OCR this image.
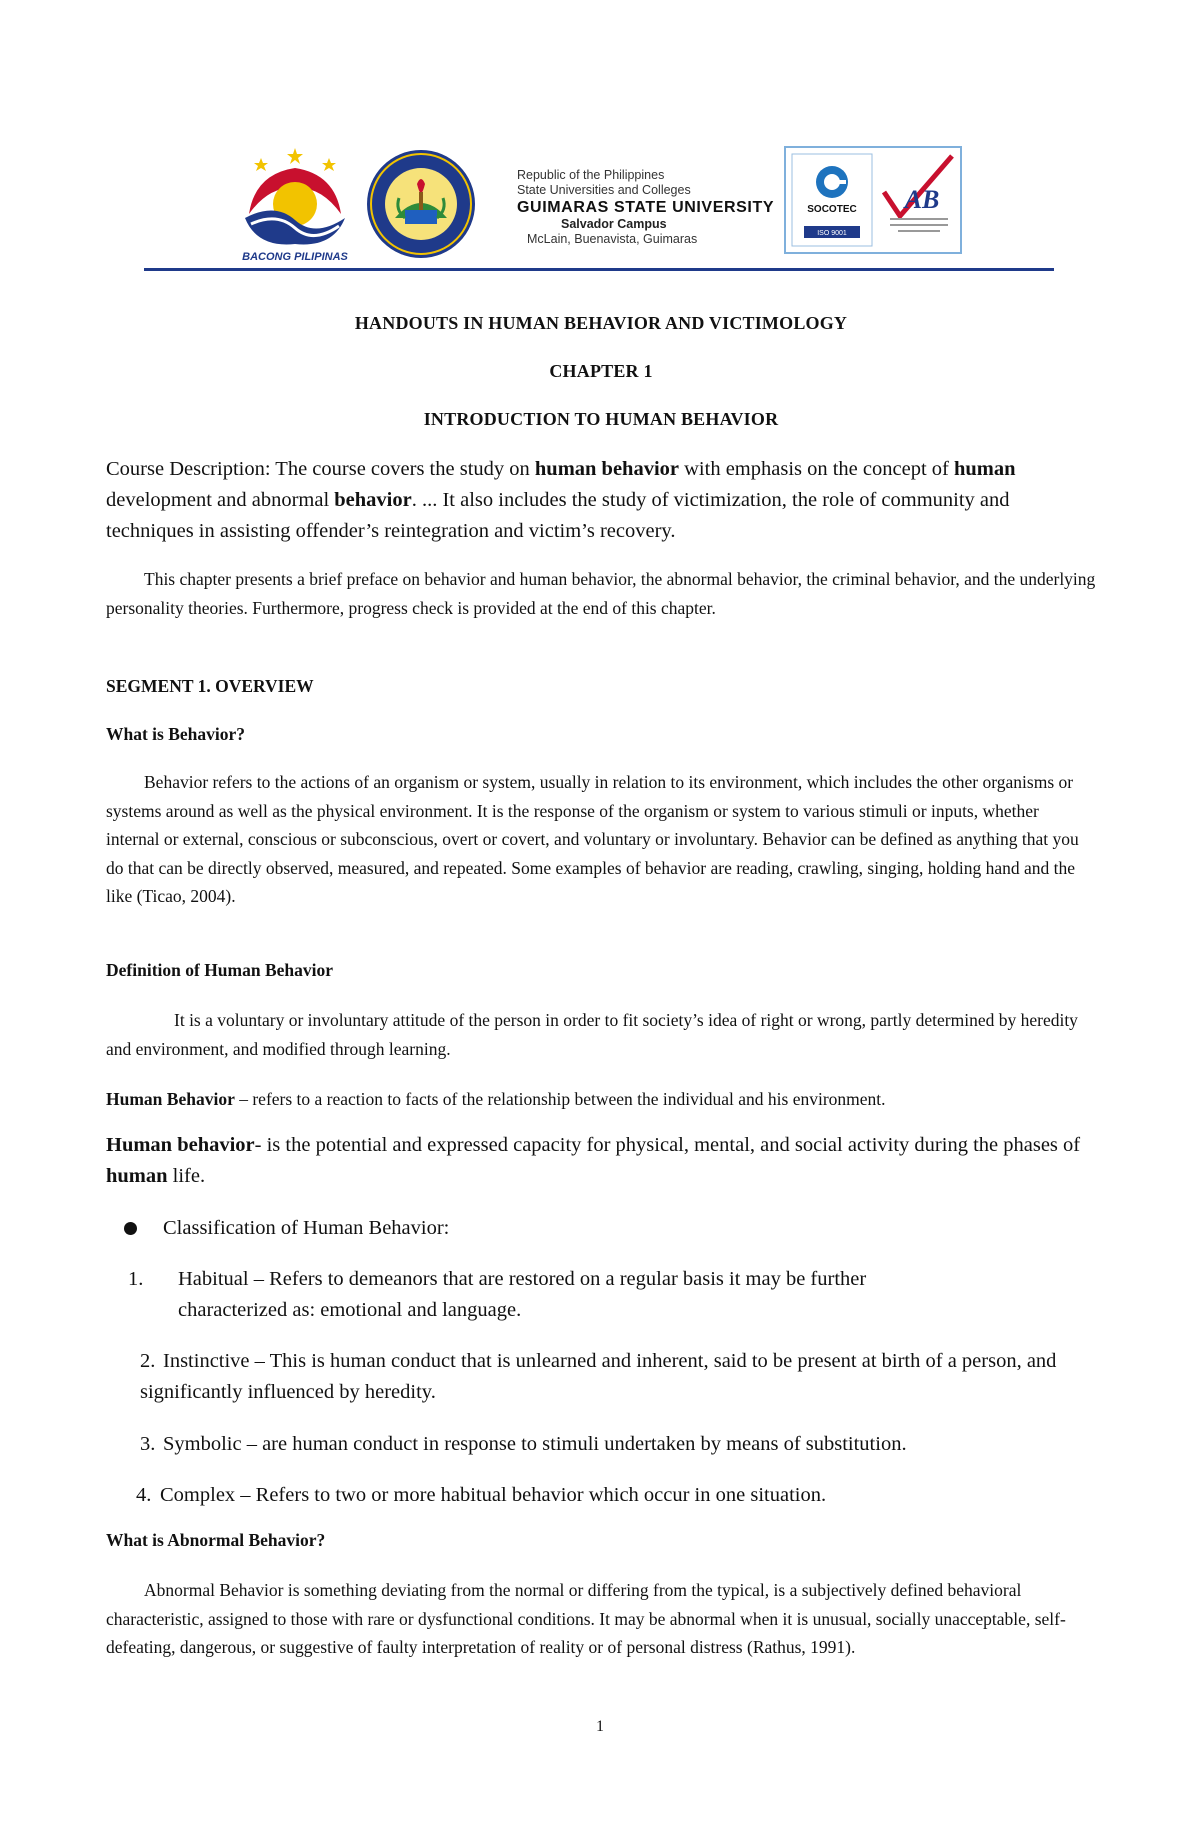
BACONG PILIPINAS
Republic of the Philippines
State Universities and Colleges
GUIMARAS STATE UNIVERSITY
Salvador Campus
McLain, Buenavista, Guimaras
SOCOTEC
ISO 9001
AB
HANDOUTS IN HUMAN BEHAVIOR AND VICTIMOLOGY
CHAPTER 1
INTRODUCTION TO HUMAN BEHAVIOR
Course Description: The course covers the study on human behavior with emphasis on the concept of human development and abnormal behavior. ... It also includes the study of victimization, the role of community and techniques in assisting offender’s reintegration and victim’s recovery.
This chapter presents a brief preface on behavior and human behavior, the abnormal behavior, the criminal behavior, and the underlying personality theories. Furthermore, progress check is provided at the end of this chapter.
SEGMENT 1. OVERVIEW
What is Behavior?
Behavior refers to the actions of an organism or system, usually in relation to its environment, which includes the other organisms or systems around as well as the physical environment. It is the response of the organism or system to various stimuli or inputs, whether internal or external, conscious or subconscious, overt or covert, and voluntary or involuntary. Behavior can be defined as anything that you do that can be directly observed, measured, and repeated. Some examples of behavior are reading, crawling, singing, holding hand and the like (Ticao, 2004).
Definition of Human Behavior
It is a voluntary or involuntary attitude of the person in order to fit society’s idea of right or wrong, partly determined by heredity and environment, and modified through learning.
Human Behavior – refers to a reaction to facts of the relationship between the individual and his environment.
Human behavior- is the potential and expressed capacity for physical, mental, and social activity during the phases of human life.
Classification of Human Behavior:
1. Habitual – Refers to demeanors that are restored on a regular basis it may be further characterized as: emotional and language.
2. Instinctive – This is human conduct that is unlearned and inherent, said to be present at birth of a person, and significantly influenced by heredity.
3. Symbolic – are human conduct in response to stimuli undertaken by means of substitution.
4. Complex – Refers to two or more habitual behavior which occur in one situation.
What is Abnormal Behavior?
Abnormal Behavior is something deviating from the normal or differing from the typical, is a subjectively defined behavioral characteristic, assigned to those with rare or dysfunctional conditions. It may be abnormal when it is unusual, socially unacceptable, self-defeating, dangerous, or suggestive of faulty interpretation of reality or of personal distress (Rathus, 1991).
1
